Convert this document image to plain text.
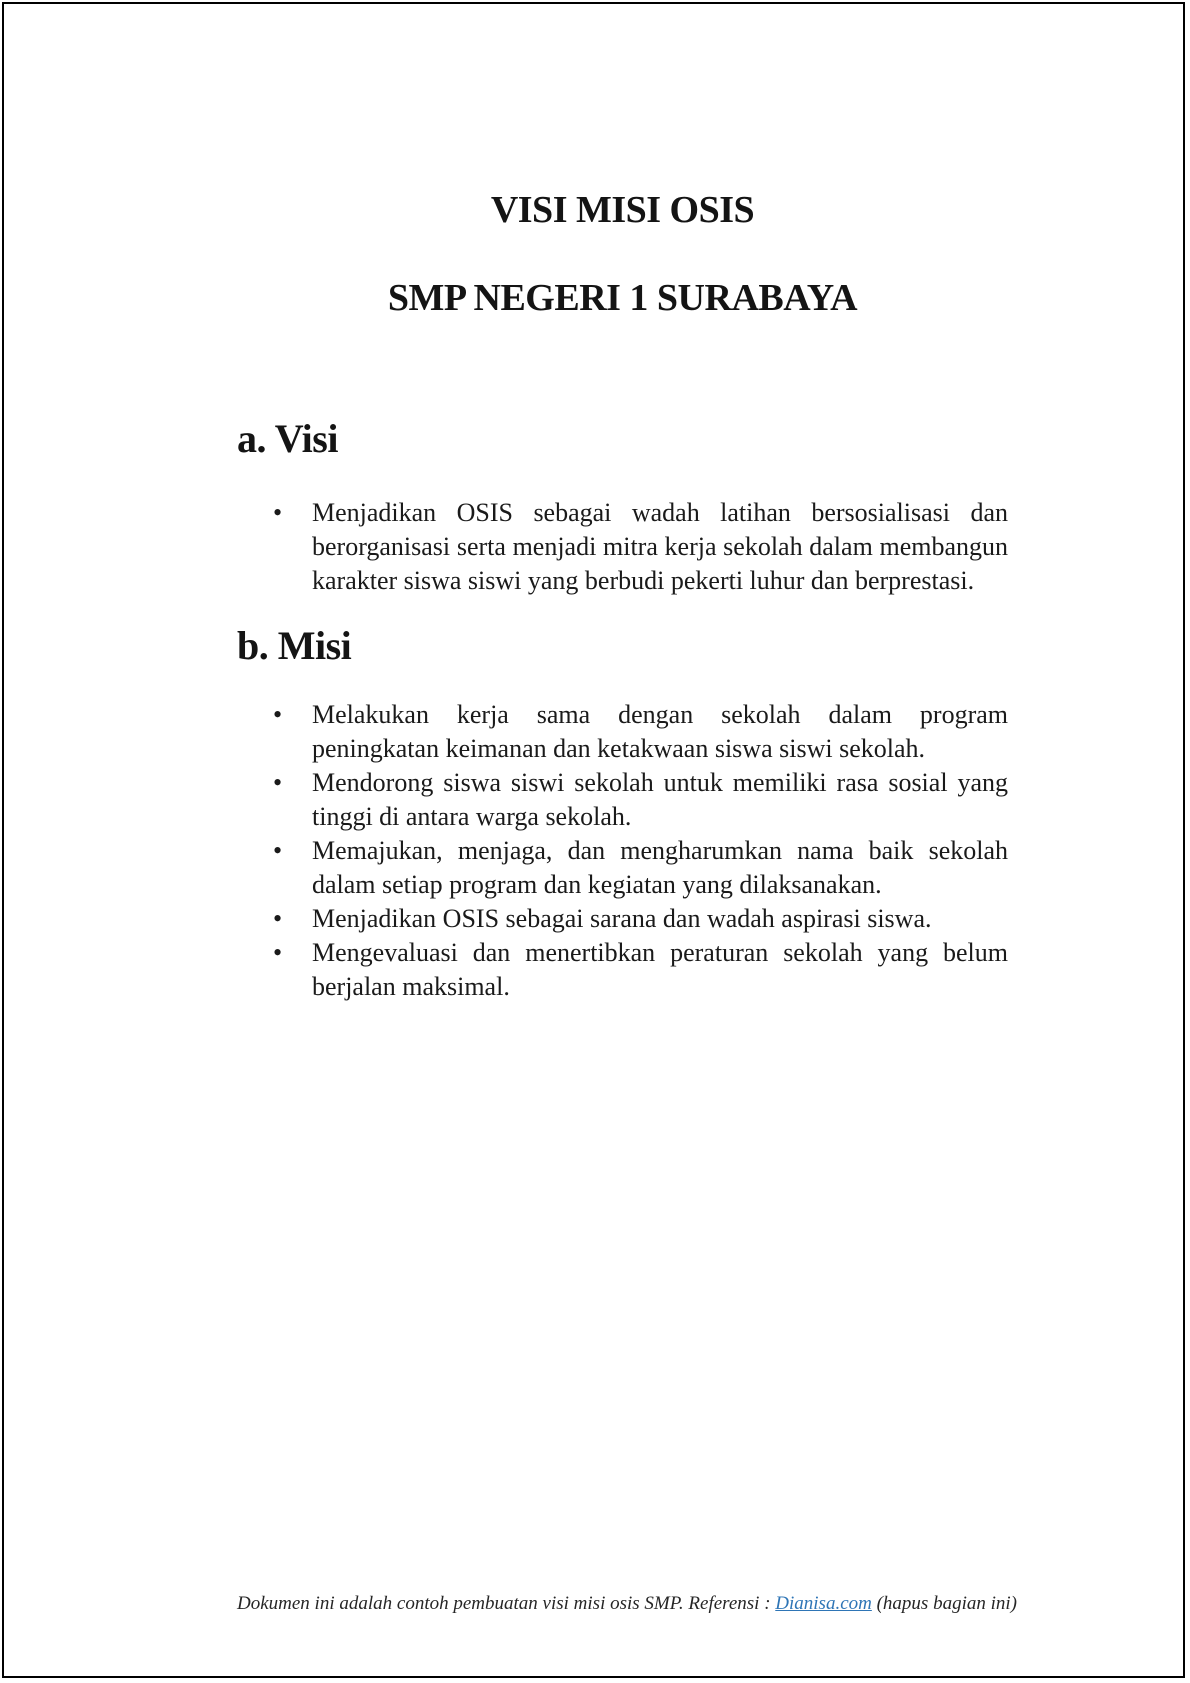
VISI MISI OSIS
SMP NEGERI 1 SURABAYA
a. Visi
• Menjadikan OSIS sebagai wadah latihan bersosialisasi dan berorganisasi serta menjadi mitra kerja sekolah dalam membangun karakter siswa siswi yang berbudi pekerti luhur dan berprestasi.
b. Misi
• Melakukan kerja sama dengan sekolah dalam program peningkatan keimanan dan ketakwaan siswa siswi sekolah.
• Mendorong siswa siswi sekolah untuk memiliki rasa sosial yang tinggi di antara warga sekolah.
• Memajukan, menjaga, dan mengharumkan nama baik sekolah dalam setiap program dan kegiatan yang dilaksanakan.
• Menjadikan OSIS sebagai sarana dan wadah aspirasi siswa.
• Mengevaluasi dan menertibkan peraturan sekolah yang belum berjalan maksimal.

Dokumen ini adalah contoh pembuatan visi misi osis SMP. Referensi : Dianisa.com (hapus bagian ini)
